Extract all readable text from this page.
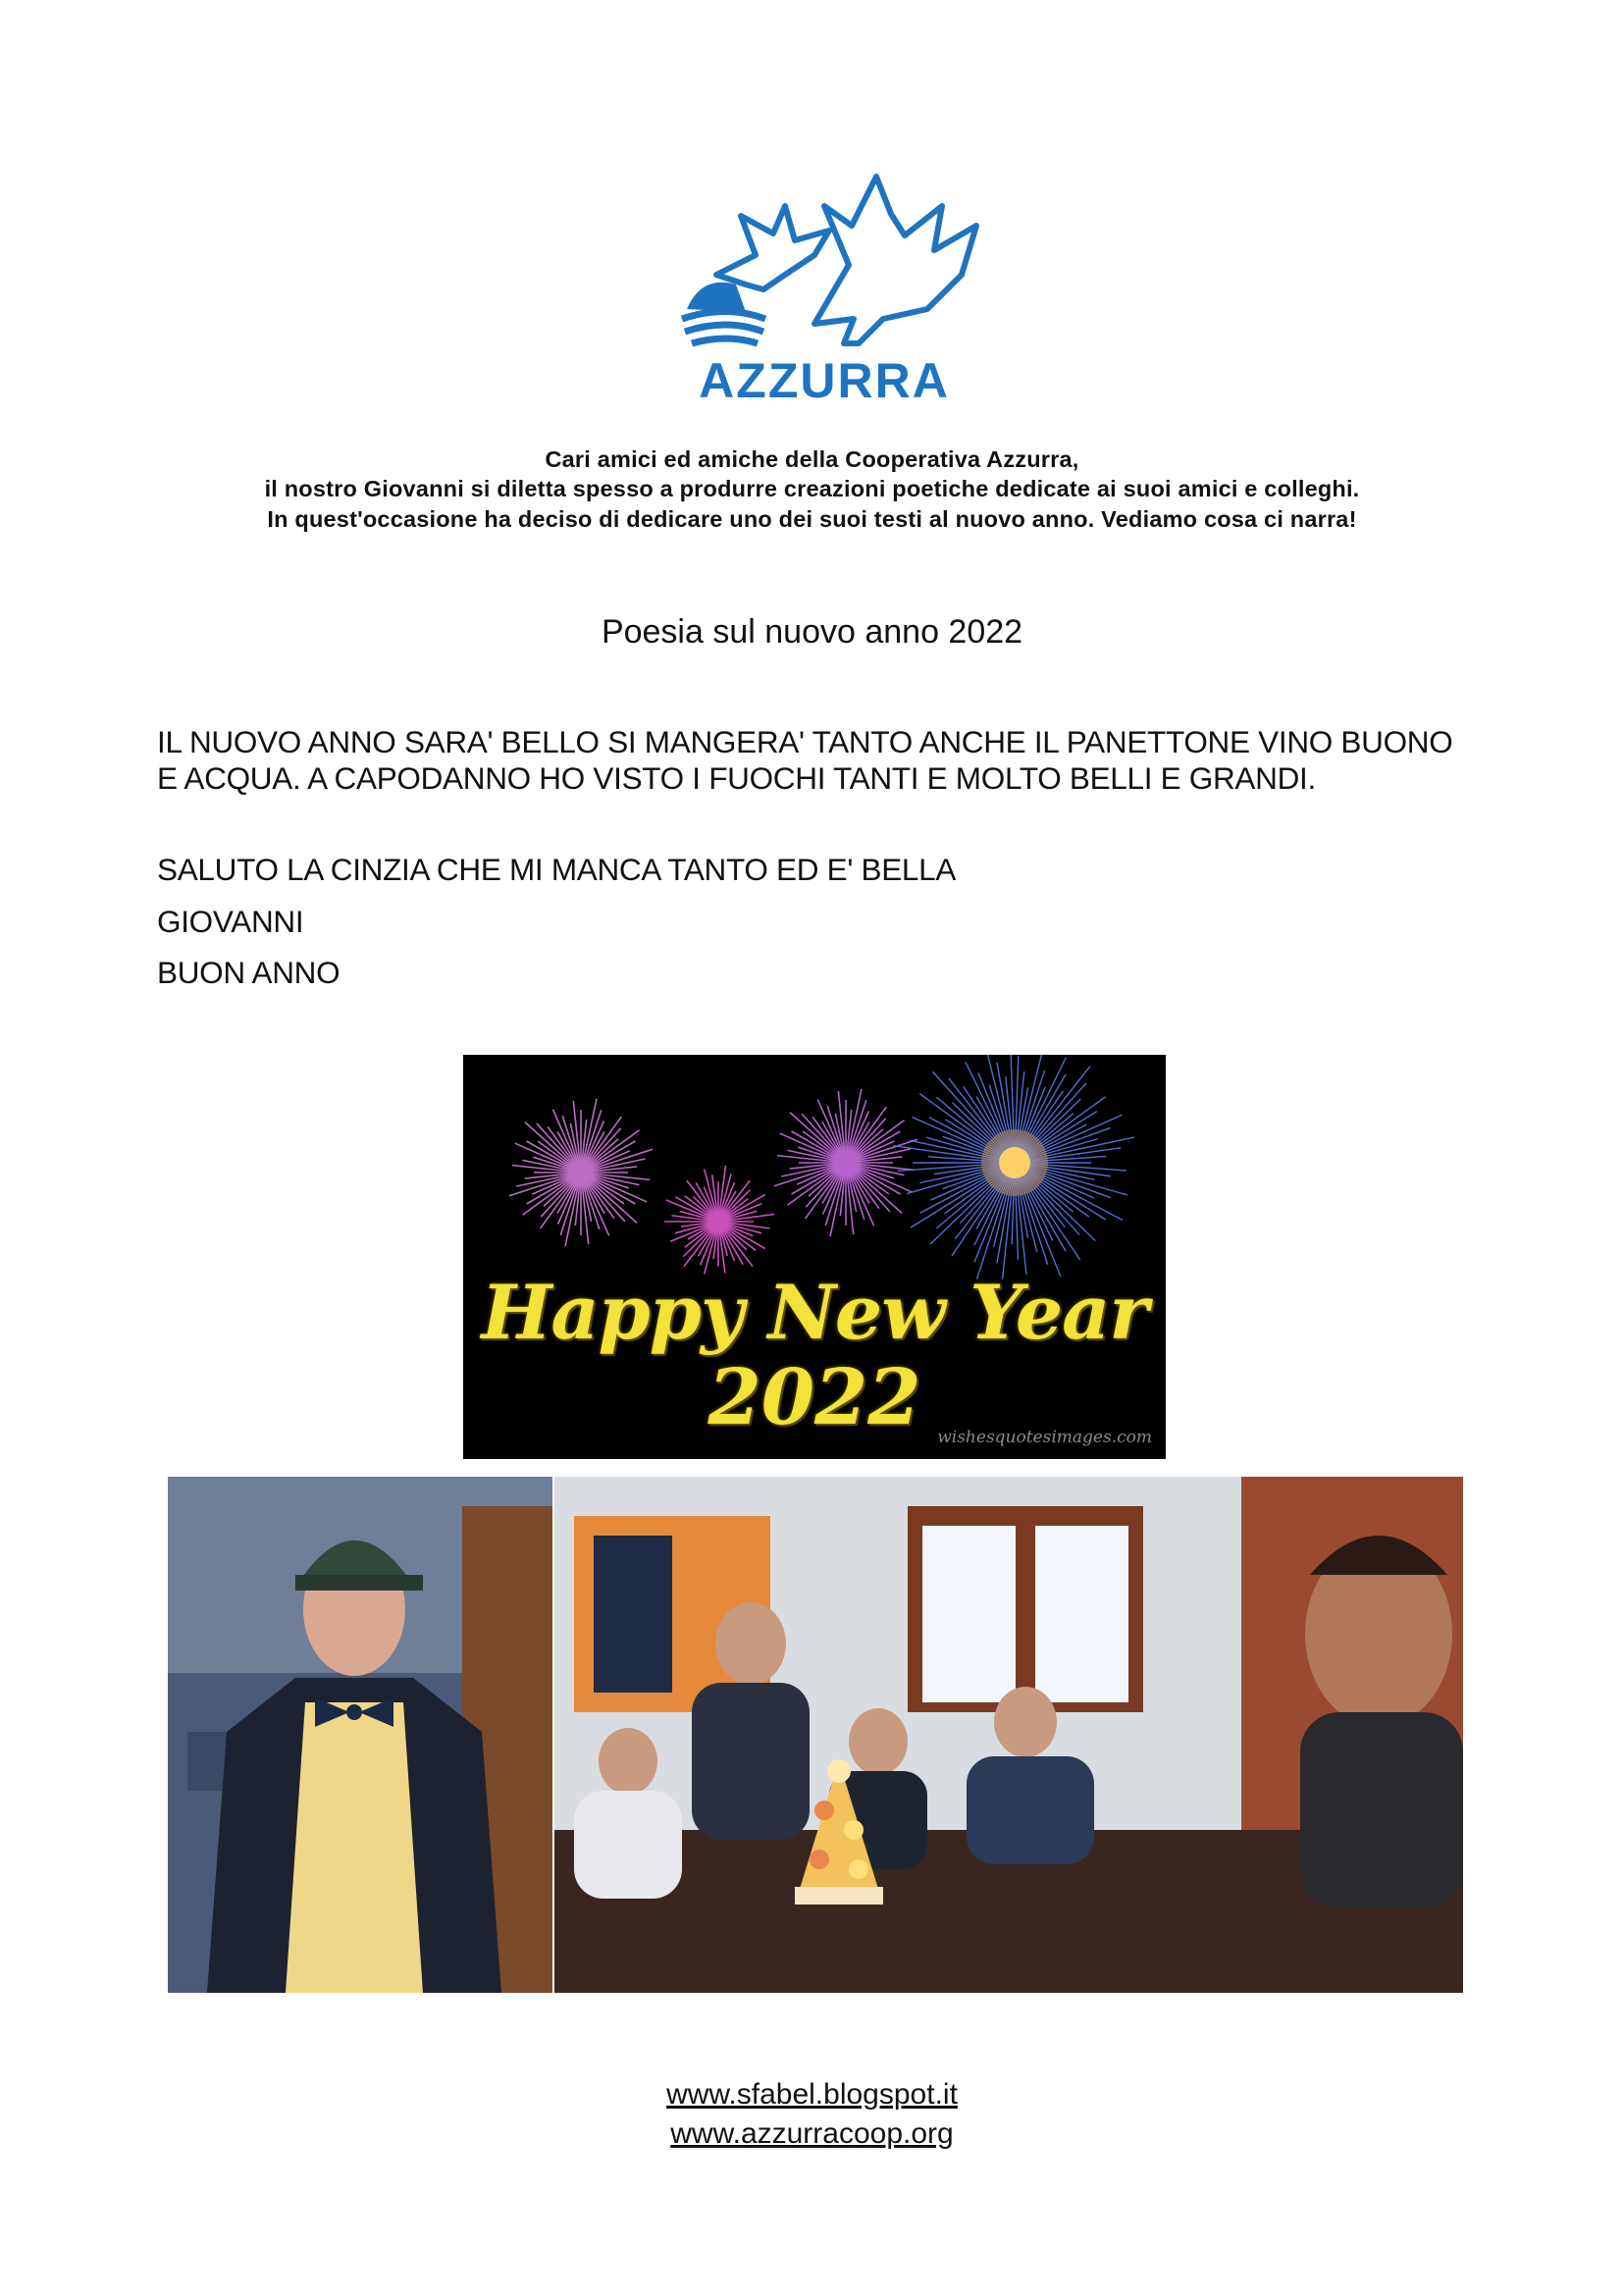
AZZURRA
Cari amici ed amiche della Cooperativa Azzurra,
il nostro Giovanni si diletta spesso a produrre creazioni poetiche dedicate ai suoi amici e colleghi.
In quest'occasione ha deciso di dedicare uno dei suoi testi al nuovo anno. Vediamo cosa ci narra!
Poesia sul nuovo anno 2022
IL NUOVO ANNO SARA' BELLO SI MANGERA' TANTO ANCHE IL PANETTONE VINO BUONO E ACQUA. A CAPODANNO HO VISTO I FUOCHI TANTI E MOLTO BELLI E GRANDI.
SALUTO LA CINZIA CHE MI MANCA TANTO ED E' BELLA
GIOVANNI
BUON ANNO
Happy New Year
2022 wishesquotesimages.com
www.sfabel.blogspot.it
www.azzurracoop.org
